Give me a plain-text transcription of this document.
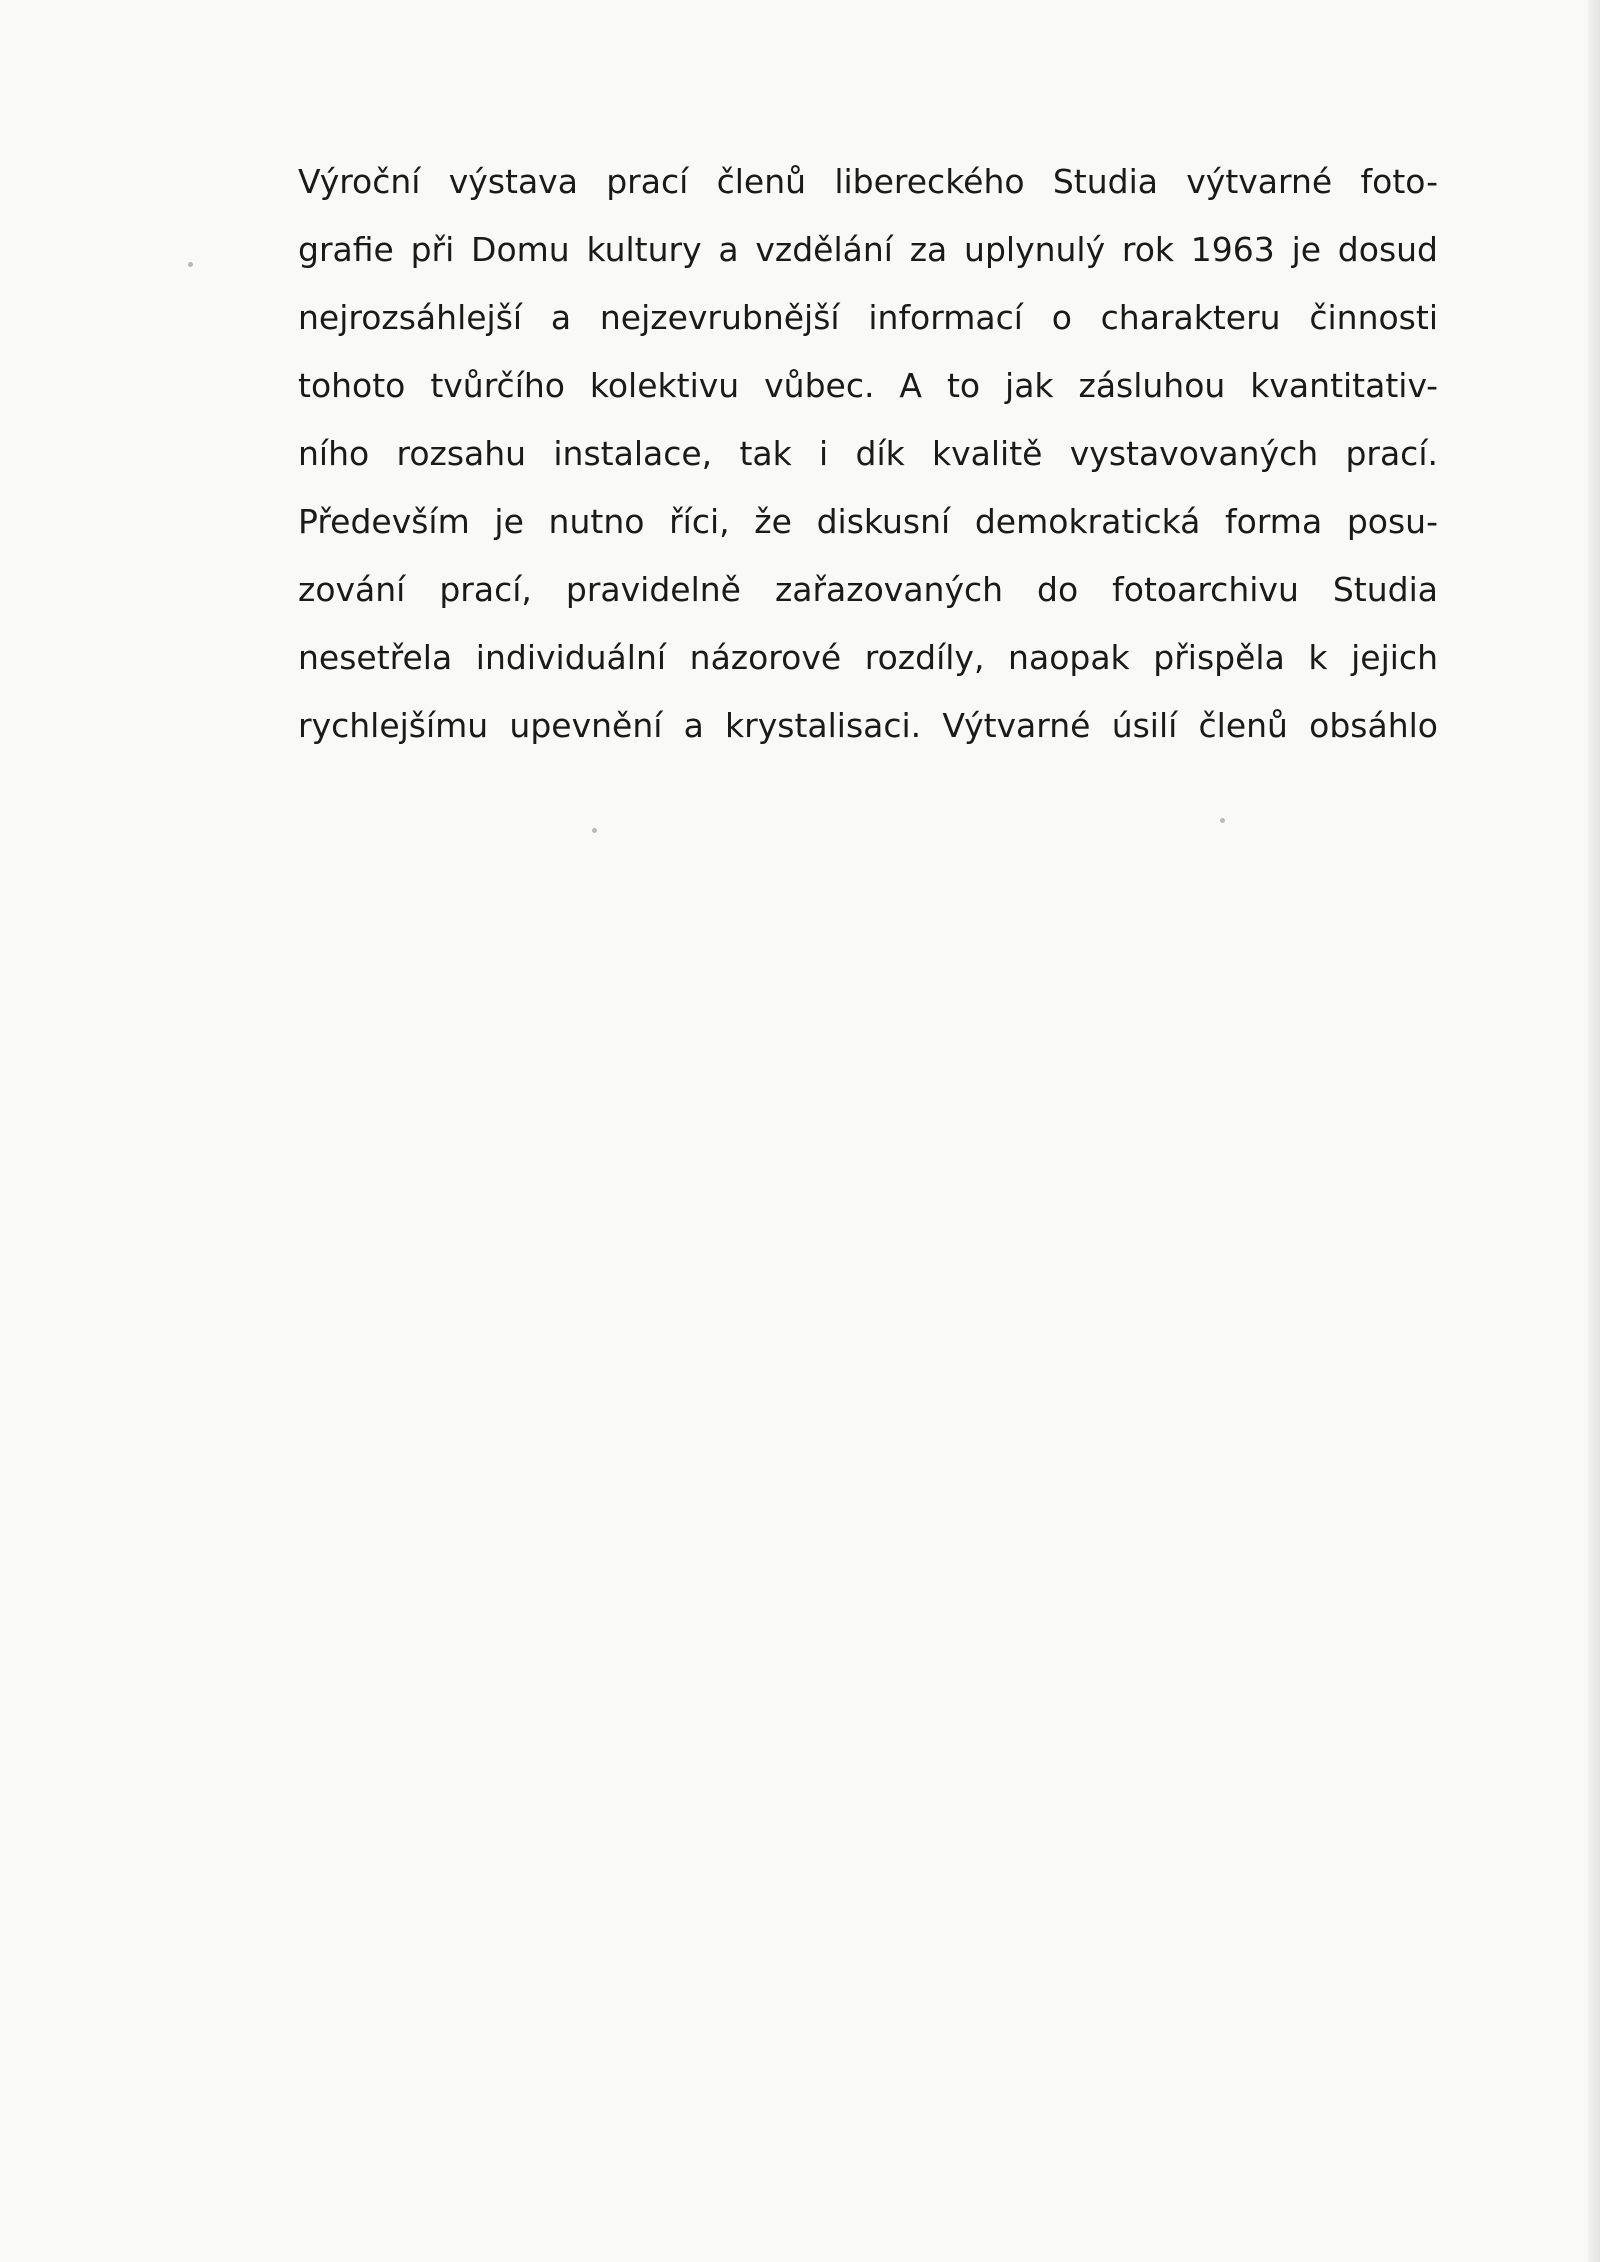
Výroční výstava prací členů libereckého Studia výtvarné foto-
grafie při Domu kultury a vzdělání za uplynulý rok 1963 je dosud
nejrozsáhlejší a nejzevrubnější informací o charakteru činnosti
tohoto tvůrčího kolektivu vůbec. A to jak zásluhou kvantitativ-
ního rozsahu instalace, tak i dík kvalitě vystavovaných prací.
Především je nutno říci, že diskusní demokratická forma posu-
zování prací, pravidelně zařazovaných do fotoarchivu Studia
nesetřela individuální názorové rozdíly, naopak přispěla k jejich
rychlejšímu upevnění a krystalisaci. Výtvarné úsilí členů obsáhlo
